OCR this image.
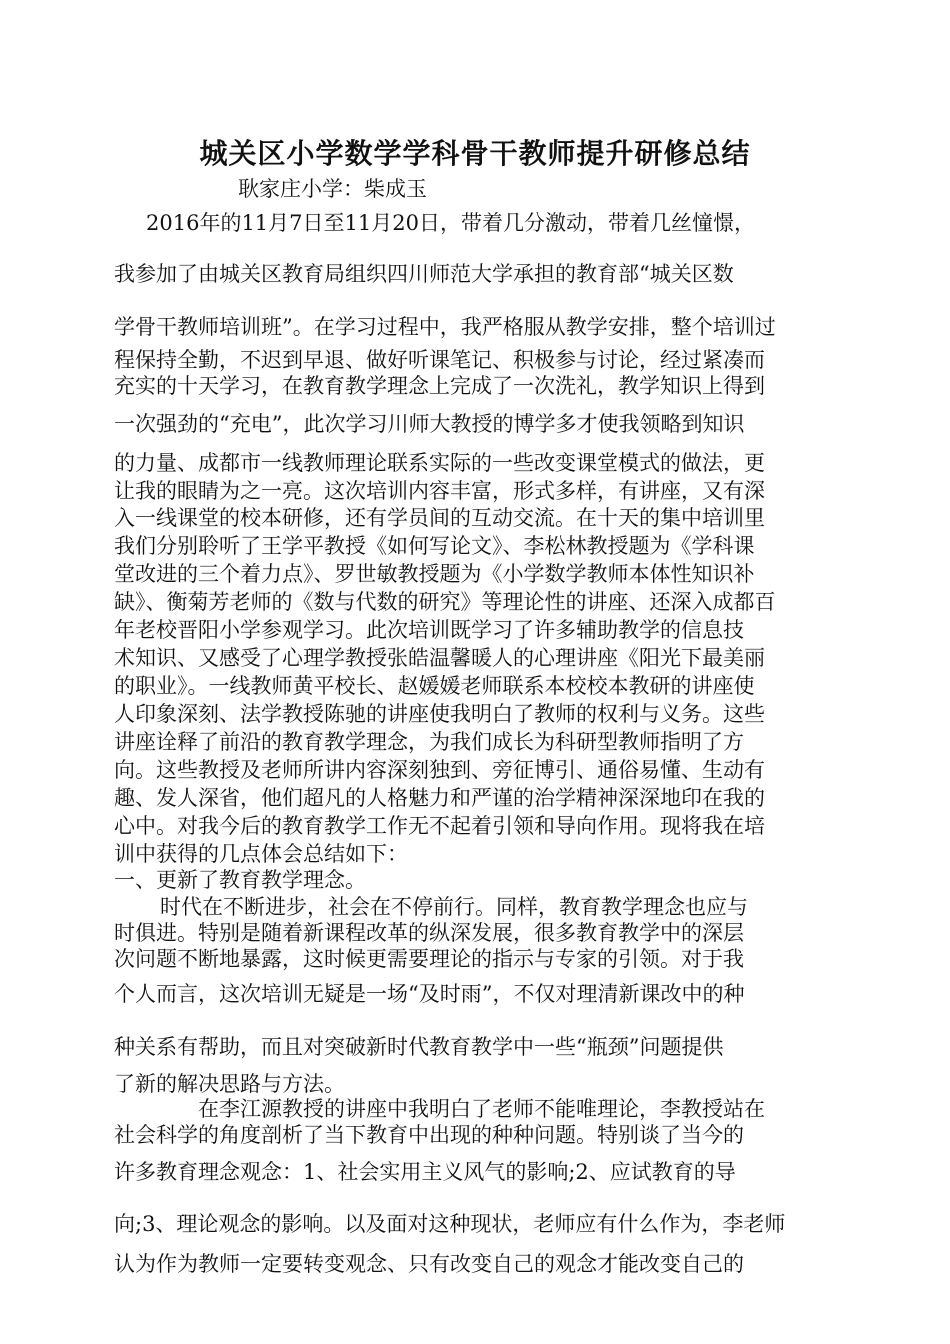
城关区小学数学学科骨干教师提升研修总结
耿家庄小学：柴成玉
2016年的11月7日至11月20日，带着几分激动，带着几丝憧憬，
我参加了由城关区教育局组织四川师范大学承担的教育部“城关区数
学骨干教师培训班”。在学习过程中，我严格服从教学安排，整个培训过
程保持全勤，不迟到早退、做好听课笔记、积极参与讨论，经过紧凑而
充实的十天学习，在教育教学理念上完成了一次洗礼，教学知识上得到
一次强劲的“充电”，此次学习川师大教授的博学多才使我领略到知识
的力量、成都市一线教师理论联系实际的一些改变课堂模式的做法，更
让我的眼睛为之一亮。这次培训内容丰富，形式多样，有讲座，又有深
入一线课堂的校本研修，还有学员间的互动交流。在十天的集中培训里
我们分别聆听了王学平教授《如何写论文》、李松林教授题为《学科课
堂改进的三个着力点》、罗世敏教授题为《小学数学教师本体性知识补
缺》、衡菊芳老师的《数与代数的研究》等理论性的讲座、还深入成都百
年老校晋阳小学参观学习。此次培训既学习了许多辅助教学的信息技
术知识、又感受了心理学教授张皓温馨暖人的心理讲座《阳光下最美丽
的职业》。一线教师黄平校长、赵媛媛老师联系本校校本教研的讲座使
人印象深刻、法学教授陈驰的讲座使我明白了教师的权利与义务。这些
讲座诠释了前沿的教育教学理念，为我们成长为科研型教师指明了方
向。这些教授及老师所讲内容深刻独到、旁征博引、通俗易懂、生动有
趣、发人深省，他们超凡的人格魅力和严谨的治学精神深深地印在我的
心中。对我今后的教育教学工作无不起着引领和导向作用。现将我在培
训中获得的几点体会总结如下：
一、更新了教育教学理念。
时代在不断进步，社会在不停前行。同样，教育教学理念也应与
时俱进。特别是随着新课程改革的纵深发展，很多教育教学中的深层
次问题不断地暴露，这时候更需要理论的指示与专家的引领。对于我
个人而言，这次培训无疑是一场“及时雨”，不仅对理清新课改中的种
种关系有帮助，而且对突破新时代教育教学中一些“瓶颈”问题提供
了新的解决思路与方法。
在李江源教授的讲座中我明白了老师不能唯理论，李教授站在
社会科学的角度剖析了当下教育中出现的种种问题。特别谈了当今的
许多教育理念观念：1、社会实用主义风气的影响;2、应试教育的导
向;3、理论观念的影响。以及面对这种现状，老师应有什么作为，李老师
认为作为教师一定要转变观念、只有改变自己的观念才能改变自己的
